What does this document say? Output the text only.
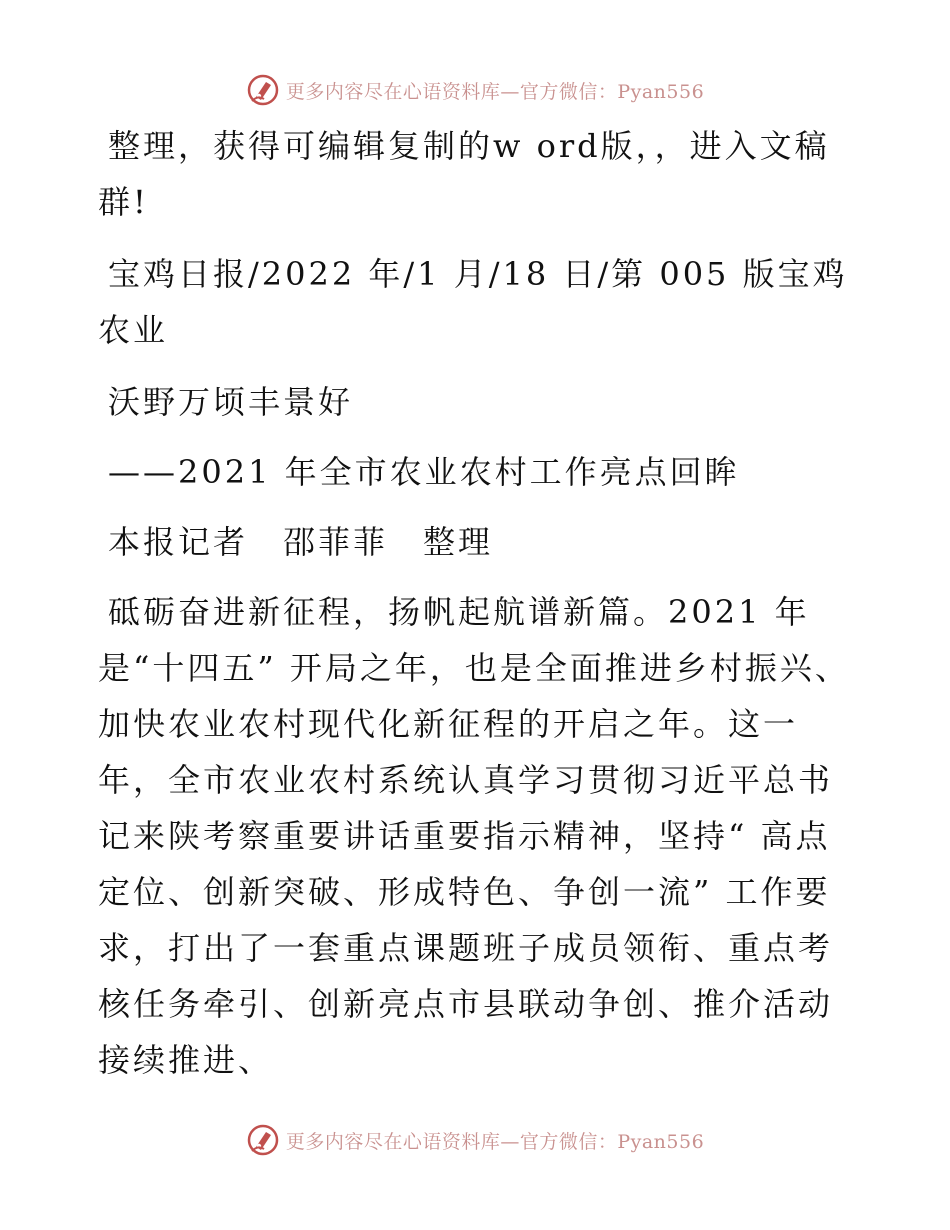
更多内容尽在心语资料库—官方微信：Pyan556

整理，获得可编辑复制的w ord版，，进入文稿群!

宝鸡日报/2022 年/1 月/18 日/第 005 版宝鸡农业

沃野万顷丰景好

——2021 年全市农业农村工作亮点回眸

本报记者　邵菲菲　整理

砥砺奋进新征程，扬帆起航谱新篇。2021 年是“十四五” 开局之年，也是全面推进乡村振兴、加快农业农村现代化新征程的开启之年。这一年，全市农业农村系统认真学习贯彻习近平总书记来陕考察重要讲话重要指示精神，坚持“ 高点定位、创新突破、形成特色、争创一流” 工作要求，打出了一套重点课题班子成员领衔、重点考核任务牵引、创新亮点市县联动争创、推介活动接续推进、

更多内容尽在心语资料库—官方微信：Pyan556
